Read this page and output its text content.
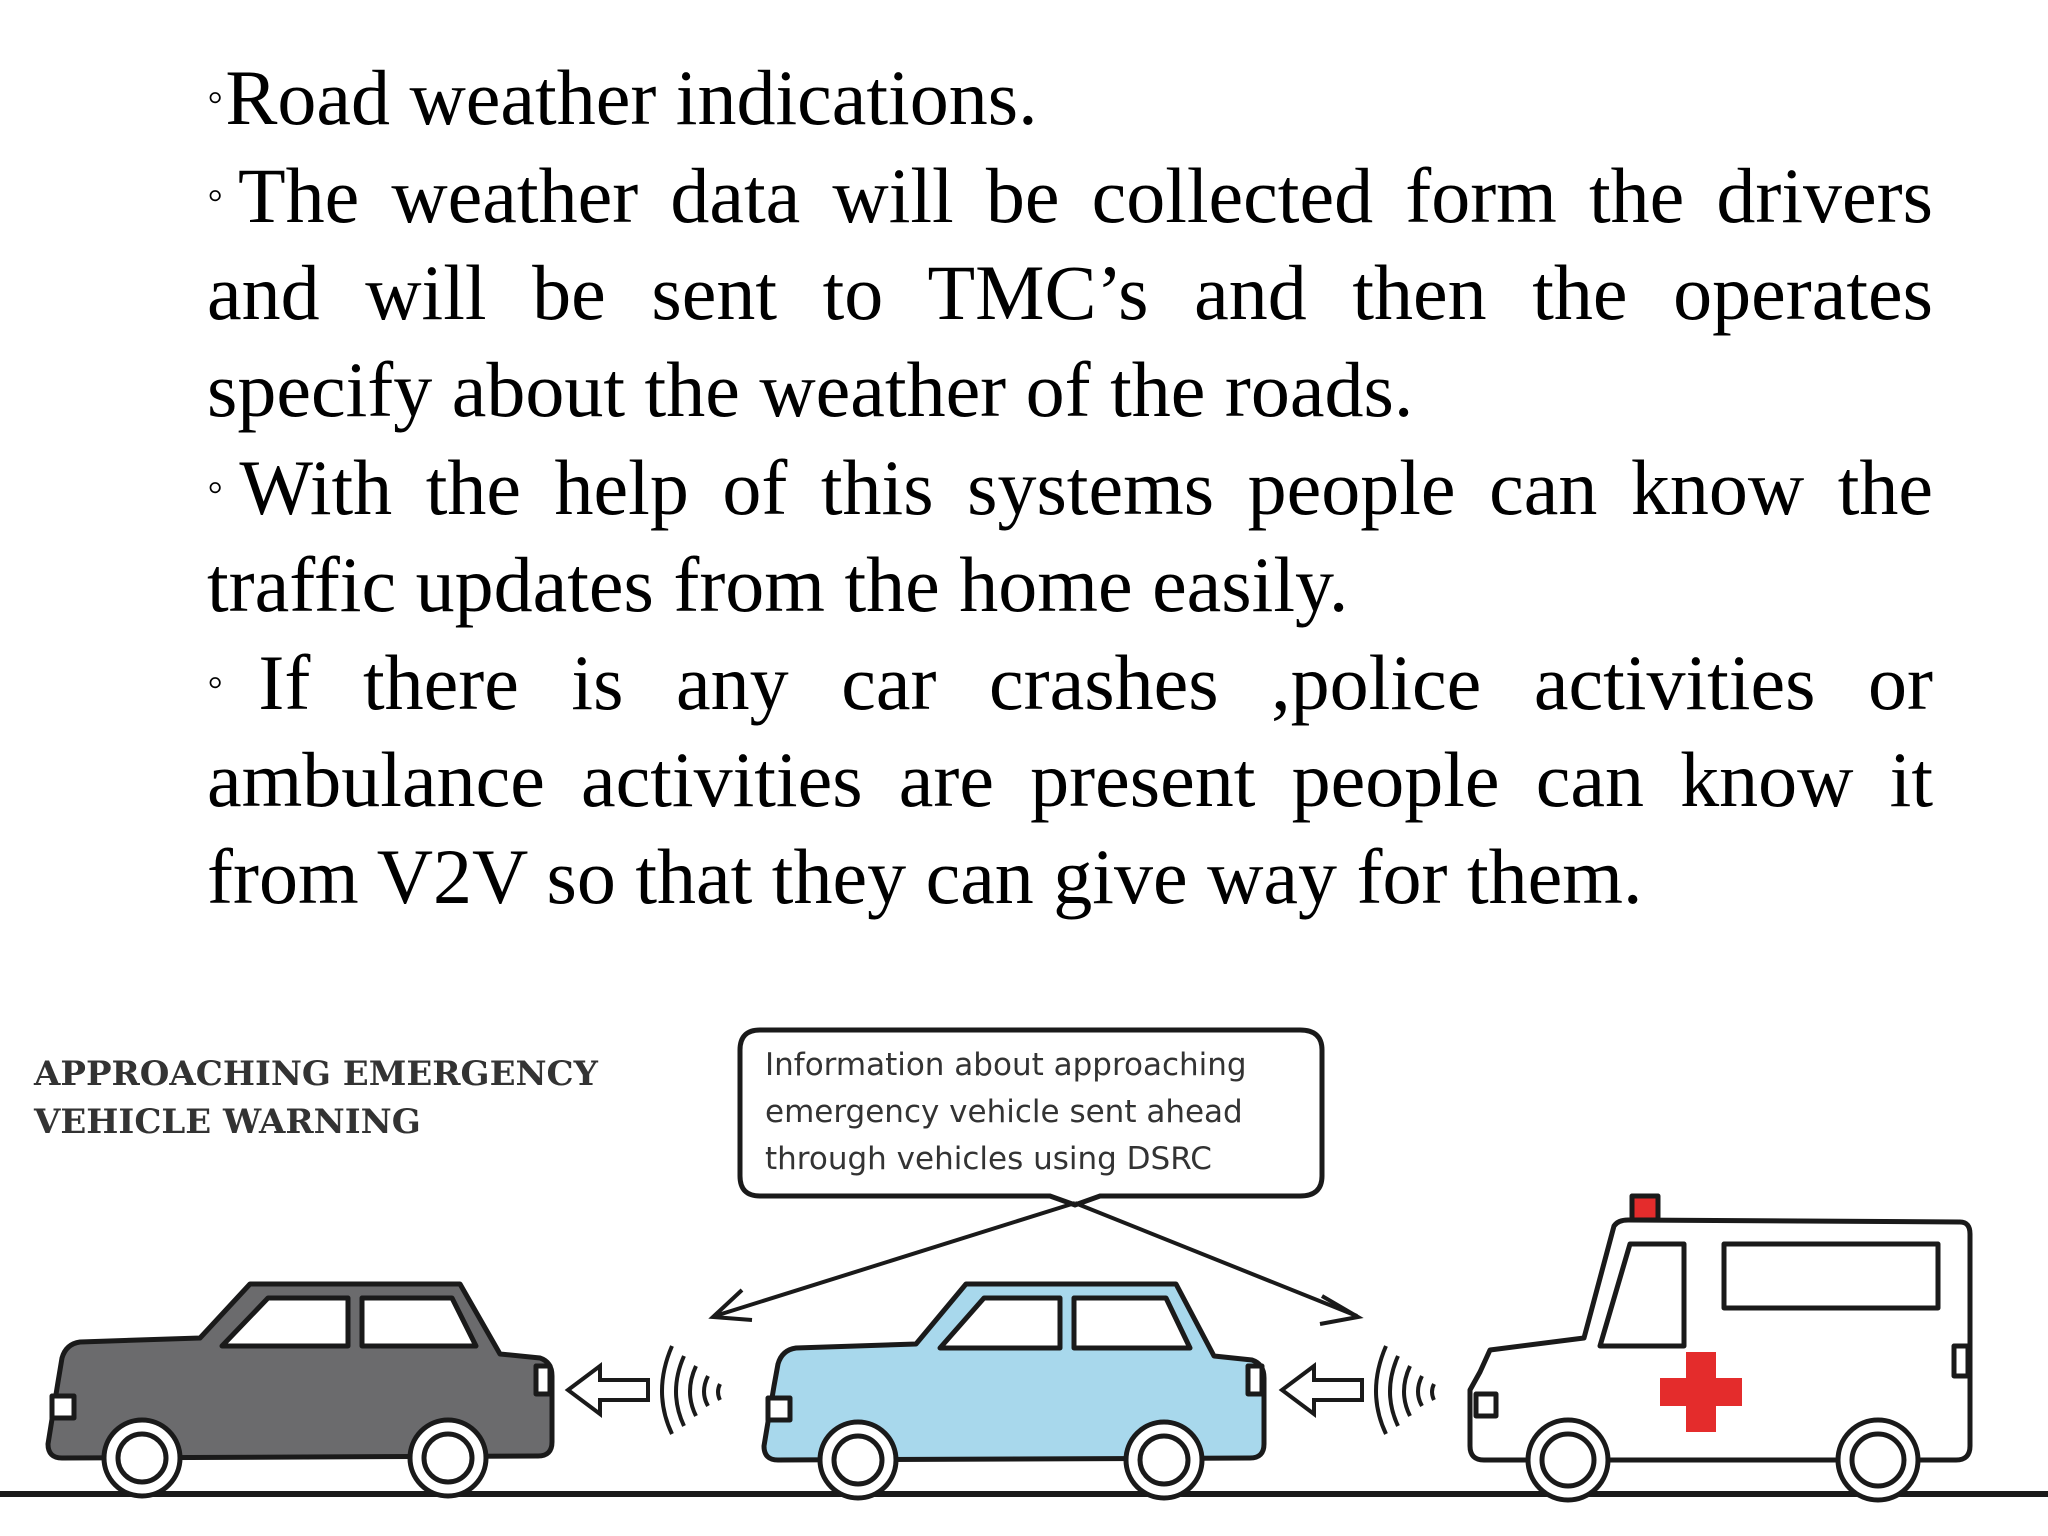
◦Road weather indications.

◦The weather data will be collected form the drivers and will be sent to TMC’s and then the operates specify about the weather of the roads.

◦With the help of this systems people can know the traffic updates from the home easily.

◦If there is any car crashes ,police activities or ambulance activities are present people can know it from V2V so that they can give way for them.

APPROACHING EMERGENCY
VEHICLE WARNING
Information about approaching
emergency vehicle sent ahead
through vehicles using DSRC
